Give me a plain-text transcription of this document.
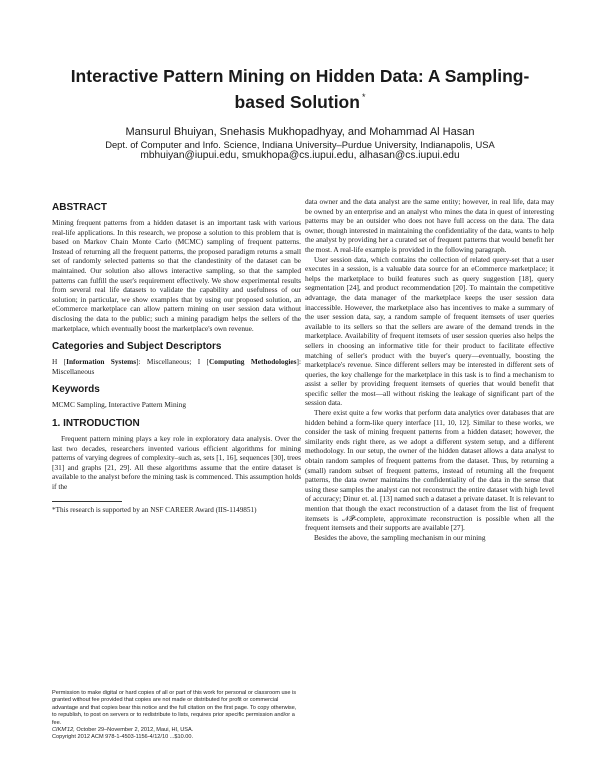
Interactive Pattern Mining on Hidden Data: A Sampling-based Solution *
Mansurul Bhuiyan, Snehasis Mukhopadhyay, and Mohammad Al Hasan
Dept. of Computer and Info. Science, Indiana University–Purdue University, Indianapolis, USA
mbhuiyan@iupui.edu, smukhopa@cs.iupui.edu, alhasan@cs.iupui.edu
ABSTRACT

Mining frequent patterns from a hidden dataset is an important task with various real-life applications. In this research, we propose a solution to this problem that is based on Markov Chain Monte Carlo (MCMC) sampling of frequent patterns. Instead of returning all the frequent patterns, the proposed paradigm returns a small set of randomly selected patterns so that the clandestinity of the dataset can be maintained. Our solution also allows interactive sampling, so that the sampled patterns can fulfill the user's requirement effectively. We show experimental results from several real life datasets to validate the capability and usefulness of our solution; in particular, we show examples that by using our proposed solution, an eCommerce marketplace can allow pattern mining on user session data without disclosing the data to the public; such a mining paradigm helps the sellers of the marketplace, which eventually boost the marketplace's own revenue.

Categories and Subject Descriptors

H [Information Systems]: Miscellaneous; I [Computing Methodologies]: Miscellaneous

Keywords

MCMC Sampling, Interactive Pattern Mining

1. INTRODUCTION

Frequent pattern mining plays a key role in exploratory data analysis. Over the last two decades, researchers invented various efficient algorithms for mining patterns of varying degrees of complexity–such as, sets [1, 16], sequences [30], trees [31] and graphs [21, 29]. All these algorithms assume that the entire dataset is available to the analyst before the mining task is commenced. This assumption holds if the

*This research is supported by an NSF CAREER Award (IIS-1149851)

Permission to make digital or hard copies of all or part of this work for personal or classroom use is granted without fee provided that copies are not made or distributed for profit or commercial advantage and that copies bear this notice and the full citation on the first page. To copy otherwise, to republish, to post on servers or to redistribute to lists, requires prior specific permission and/or a fee.
CIKM'12, October 29–November 2, 2012, Maui, HI, USA.
Copyright 2012 ACM 978-1-4503-1156-4/12/10 ...$10.00.

data owner and the data analyst are the same entity; however, in real life, data may be owned by an enterprise and an analyst who mines the data in quest of interesting patterns may be an outsider who does not have full access on the data. The data owner, though interested in maintaining the confidentiality of the data, wants to help the analyst by providing her a curated set of frequent patterns that would benefit her the most. A real-life example is provided in the following paragraph.

User session data, which contains the collection of related query-set that a user executes in a session, is a valuable data source for an eCommerce marketplace; it helps the marketplace to build features such as query suggestion [18], query segmentation [24], and product recommendation [20]. To maintain the competitive advantage, the data manager of the marketplace keeps the user session data inaccessible. However, the marketplace also has incentives to make a summary of the user session data, say, a random sample of frequent itemsets of user queries available to its sellers so that the sellers are aware of the demand trends in the marketplace. Availability of frequent itemsets of user session queries also helps the sellers in choosing an informative title for their product to facilitate effective matching of seller's product with the buyer's query—eventually, boosting the marketplace's revenue. Since different sellers may be interested in different sets of queries, the key challenge for the marketplace in this task is to find a mechanism to assist a seller by providing frequent itemsets of queries that would benefit that specific seller the most—all without risking the leakage of significant part of the session data.

There exist quite a few works that perform data analytics over databases that are hidden behind a form-like query interface [11, 10, 12]. Similar to these works, we consider the task of mining frequent patterns from a hidden dataset; however, the similarity ends right there, as we adopt a different system setup, and a different methodology. In our setup, the owner of the hidden dataset allows a data analyst to obtain random samples of frequent patterns from the dataset. Thus, by returning a (small) random subset of frequent patterns, instead of returning all the frequent patterns, the data owner maintains the confidentiality of the data in the sense that using these samples the analyst can not reconstruct the entire dataset with high level of accuracy; Dinur et. al. [13] named such a dataset a private dataset. It is relevant to mention that though the exact reconstruction of a dataset from the list of frequent itemsets is 𝒩𝒫-complete, approximate reconstruction is possible when all the frequent itemsets and their supports are available [27].

Besides the above, the sampling mechanism in our mining
